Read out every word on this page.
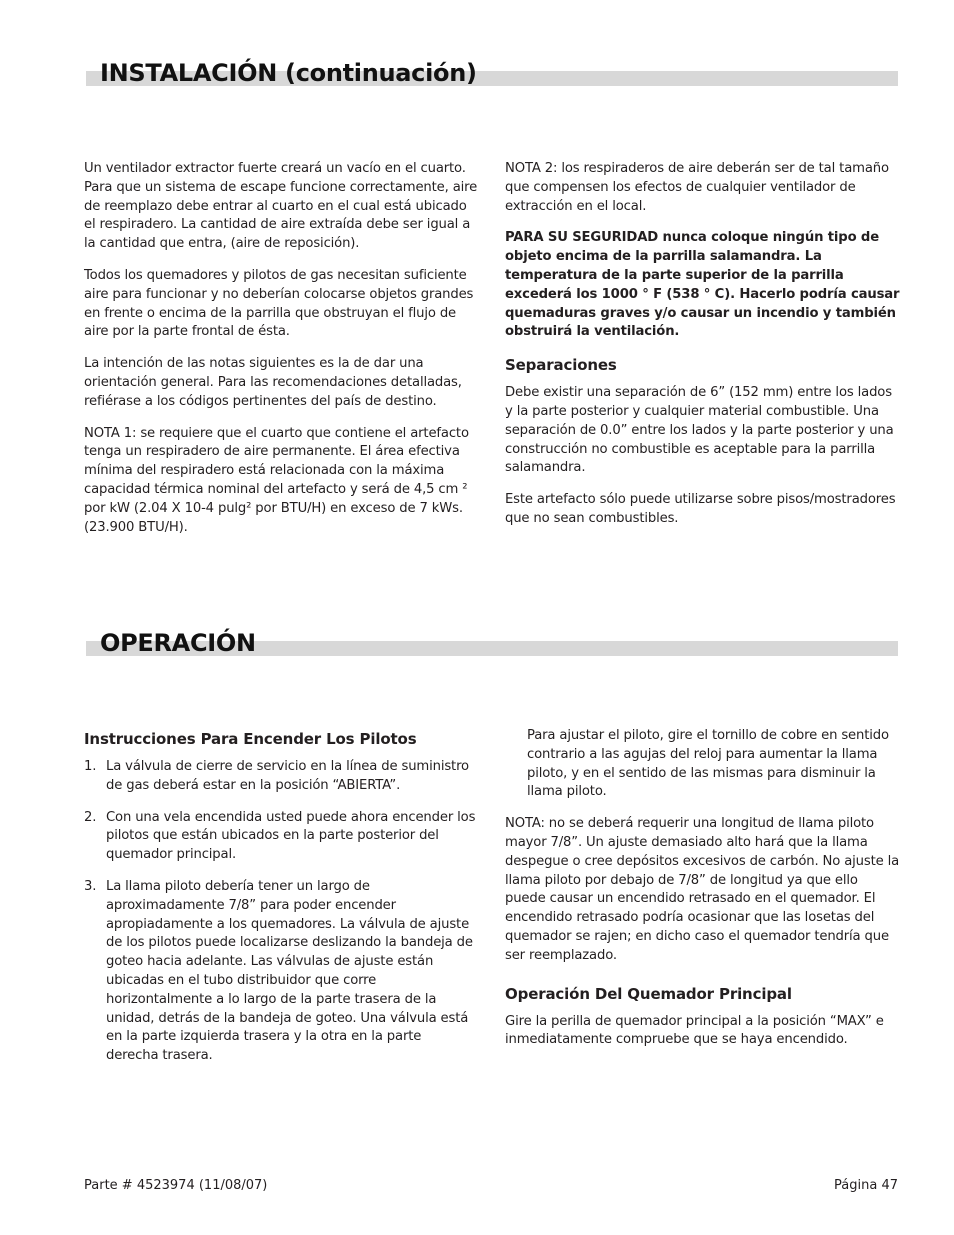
INSTALACIÓN (continuación)

Un ventilador extractor fuerte creará un vacío en el cuarto. Para que un sistema de escape funcione correctamente, aire de reemplazo debe entrar al cuarto en el cual está ubicado el respiradero. La cantidad de aire extraída debe ser igual a la cantidad que entra, (aire de reposición).

Todos los quemadores y pilotos de gas necesitan suficiente aire para funcionar y no deberían colocarse objetos grandes en frente o encima de la parrilla que obstruyan el flujo de aire por la parte frontal de ésta.

La intención de las notas siguientes es la de dar una orientación general. Para las recomendaciones detalladas, refiérase a los códigos pertinentes del país de destino.

NOTA 1: se requiere que el cuarto que contiene el artefacto tenga un respiradero de aire permanente. El área efectiva mínima del respiradero está relacionada con la máxima capacidad térmica nominal del artefacto y será de 4,5 cm ² por kW (2.04 X 10-4 pulg² por BTU/H) en exceso de 7 kWs. (23.900 BTU/H).

NOTA 2: los respiraderos de aire deberán ser de tal tamaño que compensen los efectos de cualquier ventilador de extracción en el local.

PARA SU SEGURIDAD nunca coloque ningún tipo de objeto encima de la parrilla salamandra. La temperatura de la parte superior de la parrilla excederá los 1000 ° F (538 ° C). Hacerlo podría causar quemaduras graves y/o causar un incendio y también obstruirá la ventilación.

Separaciones

Debe existir una separación de 6” (152 mm) entre los lados y la parte posterior y cualquier material combustible. Una separación de 0.0” entre los lados y la parte posterior y una construcción no combustible es aceptable para la parrilla salamandra.

Este artefacto sólo puede utilizarse sobre pisos/mostradores que no sean combustibles.

OPERACIÓN
Instrucciones Para Encender Los Pilotos
1. La válvula de cierre de servicio en la línea de suministro de gas deberá estar en la posición “ABIERTA”.
2. Con una vela encendida usted puede ahora encender los pilotos que están ubicados en la parte posterior del quemador principal.
3. La llama piloto debería tener un largo de aproximadamente 7/8” para poder encender apropiadamente a los quemadores. La válvula de ajuste de los pilotos puede localizarse deslizando la bandeja de goteo hacia adelante. Las válvulas de ajuste están ubicadas en el tubo distribuidor que corre horizontalmente a lo largo de la parte trasera de la unidad, detrás de la bandeja de goteo. Una válvula está en la parte izquierda trasera y la otra en la parte derecha trasera.

Para ajustar el piloto, gire el tornillo de cobre en sentido contrario a las agujas del reloj para aumentar la llama piloto, y en el sentido de las mismas para disminuir la llama piloto.

NOTA: no se deberá requerir una longitud de llama piloto mayor 7/8”. Un ajuste demasiado alto hará que la llama despegue o cree depósitos excesivos de carbón. No ajuste la llama piloto por debajo de 7/8” de longitud ya que ello puede causar un encendido retrasado en el quemador. El encendido retrasado podría ocasionar que las losetas del quemador se rajen; en dicho caso el quemador tendría que ser reemplazado.

Operación Del Quemador Principal

Gire la perilla de quemador principal a la posición “MAX” e inmediatamente compruebe que se haya encendido.

Parte # 4523974 (11/08/07)	Página 47
